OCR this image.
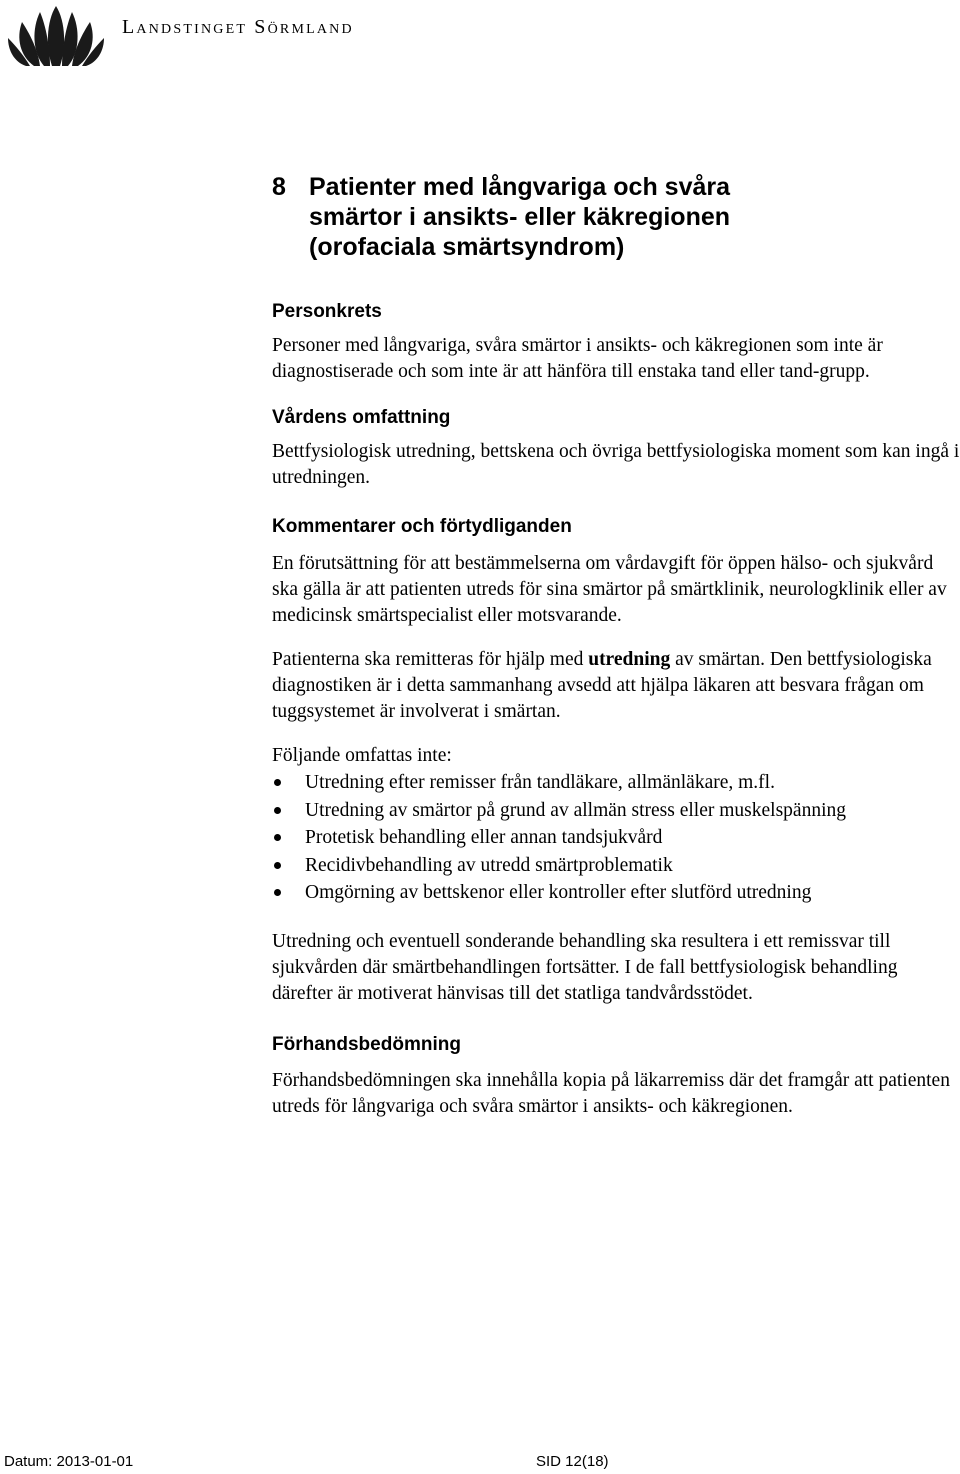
Landstinget Sörmland
8 Patienter med långvariga och svåra smärtor i ansikts- eller käkregionen (orofaciala smärtsyndrom)
Personkrets

Personer med långvariga, svåra smärtor i ansikts- och käkregionen som inte är diagnostiserade och som inte är att hänföra till enstaka tand eller tand-grupp.

Vårdens omfattning

Bettfysiologisk utredning, bettskena och övriga bettfysiologiska moment som kan ingå i utredningen.

Kommentarer och förtydliganden

En förutsättning för att bestämmelserna om vårdavgift för öppen hälso- och sjukvård ska gälla är att patienten utreds för sina smärtor på smärtklinik, neurologklinik eller av medicinsk smärtspecialist eller motsvarande.

Patienterna ska remitteras för hjälp med utredning av smärtan. Den bettfysiologiska diagnostiken är i detta sammanhang avsedd att hjälpa läkaren att besvara frågan om tuggsystemet är involverat i smärtan.

Följande omfattas inte:

Utredning efter remisser från tandläkare, allmänläkare, m.fl.
Utredning av smärtor på grund av allmän stress eller muskelspänning
Protetisk behandling eller annan tandsjukvård
Recidivbehandling av utredd smärtproblematik
Omgörning av bettskenor eller kontroller efter slutförd utredning

Utredning och eventuell sonderande behandling ska resultera i ett remissvar till sjukvården där smärtbehandlingen fortsätter. I de fall bettfysiologisk behandling därefter är motiverat hänvisas till det statliga tandvårdsstödet.

Förhandsbedömning

Förhandsbedömningen ska innehålla kopia på läkarremiss där det framgår att patienten utreds för långvariga och svåra smärtor i ansikts- och käkregionen.

Datum: 2013-01-01	SID 12(18)
